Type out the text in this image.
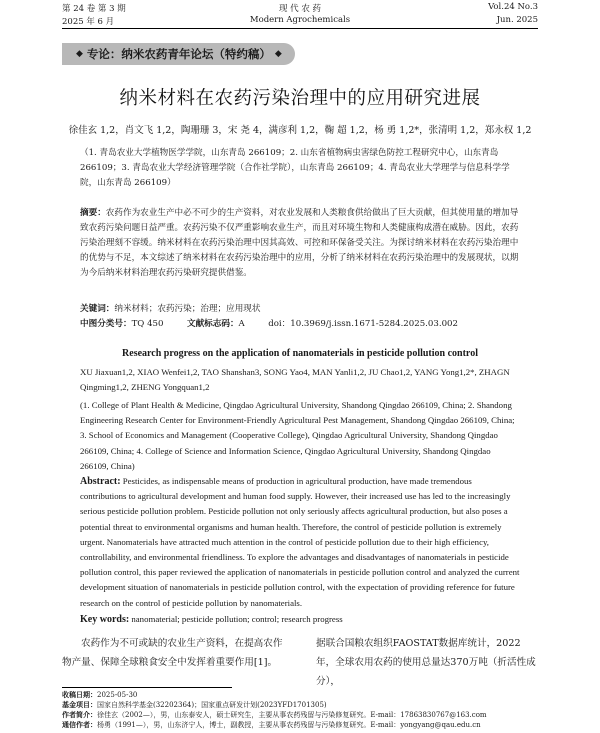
第 24 卷 第 3 期	现 代 农 药	Vol.24 No.3
2025 年 6 月	Modern Agrochemicals	Jun. 2025
◆ 专论：纳米农药青年论坛（特约稿） ◆
纳米材料在农药污染治理中的应用研究进展
徐佳玄 1,2，肖文飞 1,2，陶珊珊 3，宋 尧 4，满彦利 1,2，鞠 超 1,2，杨 勇 1,2*，张清明 1,2，郑永权 1,2
（1. 青岛农业大学植物医学学院，山东青岛 266109；2. 山东省植物病虫害绿色防控工程研究中心，山东青岛 266109；3. 青岛农业大学经济管理学院（合作社学院），山东青岛 266109；4. 青岛农业大学理学与信息科学学院，山东青岛 266109）
摘要：农药作为农业生产中必不可少的生产资料，对农业发展和人类粮食供给做出了巨大贡献，但其使用量的增加导致农药污染问题日益严重。农药污染不仅严重影响农业生产，而且对环境生物和人类健康构成潜在威胁。因此，农药污染治理刻不容缓。纳米材料在农药污染治理中因其高效、可控和环保备受关注。为探讨纳米材料在农药污染治理中的优势与不足，本文综述了纳米材料在农药污染治理中的应用，分析了纳米材料在农药污染治理中的发展现状，以期为今后纳米材料治理农药污染研究提供借鉴。
关键词：纳米材料；农药污染；治理；应用现状
中图分类号：TQ 450	文献标志码：A	doi：10.3969/j.issn.1671-5284.2025.03.002
Research progress on the application of nanomaterials in pesticide pollution control
XU Jiaxuan1,2, XIAO Wenfei1,2, TAO Shanshan3, SONG Yao4, MAN Yanli1,2, JU Chao1,2, YANG Yong1,2*, ZHAGN Qingming1,2, ZHENG Yongquan1,2
(1. College of Plant Health & Medicine, Qingdao Agricultural University, Shandong Qingdao 266109, China; 2. Shandong Engineering Research Center for Environment-Friendly Agricultural Pest Management, Shandong Qingdao 266109, China; 3. School of Economics and Management (Cooperative College), Qingdao Agricultural University, Shandong Qingdao 266109, China; 4. College of Science and Information Science, Qingdao Agricultural University, Shandong Qingdao 266109, China)
Abstract: Pesticides, as indispensable means of production in agricultural production, have made tremendous contributions to agricultural development and human food supply. However, their increased use has led to the increasingly serious pesticide pollution problem. Pesticide pollution not only seriously affects agricultural production, but also poses a potential threat to environmental organisms and human health. Therefore, the control of pesticide pollution is extremely urgent. Nanomaterials have attracted much attention in the control of pesticide pollution due to their high efficiency, controllability, and environmental friendliness. To explore the advantages and disadvantages of nanomaterials in pesticide pollution control, this paper reviewed the application of nanomaterials in pesticide pollution control and analyzed the current development situation of nanomaterials in pesticide pollution control, with the expectation of providing reference for future research on the control of pesticide pollution by nanomaterials.
Key words: nanomaterial; pesticide pollution; control; research progress
农药作为不可或缺的农业生产资料，在提高农作物产量、保障全球粮食安全中发挥着重要作用[1]。
据联合国粮农组织FAOSTAT数据库统计，2022年，全球农用农药的使用总量达370万吨（折活性成分），
收稿日期：2025-05-30
基金项目：国家自然科学基金(32202364)；国家重点研发计划(2023YFD1701305)
作者简介：徐佳玄（2002—），男，山东泰安人，硕士研究生，主要从事农药残留与污染修复研究。E-mail：17863830767@163.com
通信作者：杨勇（1991—），男，山东济宁人，博士，副教授，主要从事农药残留与污染修复研究。E-mail：yongyang@qau.edu.cn
